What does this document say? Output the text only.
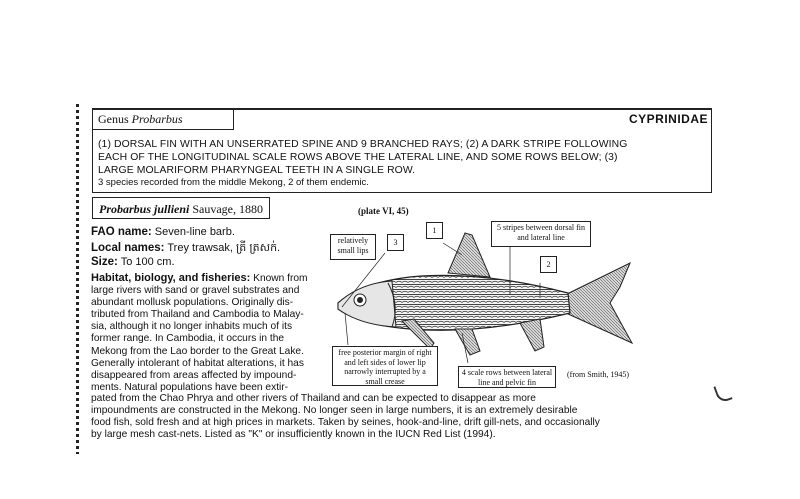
Genus Probarbus	CYPRINIDAE
(1) DORSAL FIN WITH AN UNSERRATED SPINE AND 9 BRANCHED RAYS; (2) A DARK STRIPE FOLLOWING
EACH OF THE LONGITUDINAL SCALE ROWS ABOVE THE LATERAL LINE, AND SOME ROWS BELOW; (3)
LARGE MOLARIFORM PHARYNGEAL TEETH IN A SINGLE ROW.
3 species recorded from the middle Mekong, 2 of them endemic.
Probarbus jullieni Sauvage, 1880	(plate VI, 45)
FAO name: Seven-line barb.
Local names: Trey trawsak, ត្រី ត្រសក់.
Size: To 100 cm.
Habitat, biology, and fisheries: Known from
large rivers with sand or gravel substrates and
abundant mollusk populations. Originally dis-
tributed from Thailand and Cambodia to Malay-
sia, although it no longer inhabits much of its
former range. In Cambodia, it occurs in the
Mekong from the Lao border to the Great Lake.
Generally intolerant of habitat alterations, it has
disappeared from areas affected by impound-
ments. Natural populations have been extir-
pated from the Chao Phrya and other rivers of Thailand and can be expected to disappear as more
impoundments are constructed in the Mekong. No longer seen in large numbers, it is an extremely desirable
food fish, sold fresh and at high prices in markets. Taken by seines, hook-and-line, drift gill-nets, and occasionally
by large mesh cast-nets. Listed as "K" or insufficiently known in the IUCN Red List (1994).
relatively small lips
3
1	5 stripes between dorsal fin and lateral line
2
free posterior margin of right and left sides of lower lip narrowly interrupted by a small crease
4 scale rows between lateral line and pelvic fin
(from Smith, 1945)
